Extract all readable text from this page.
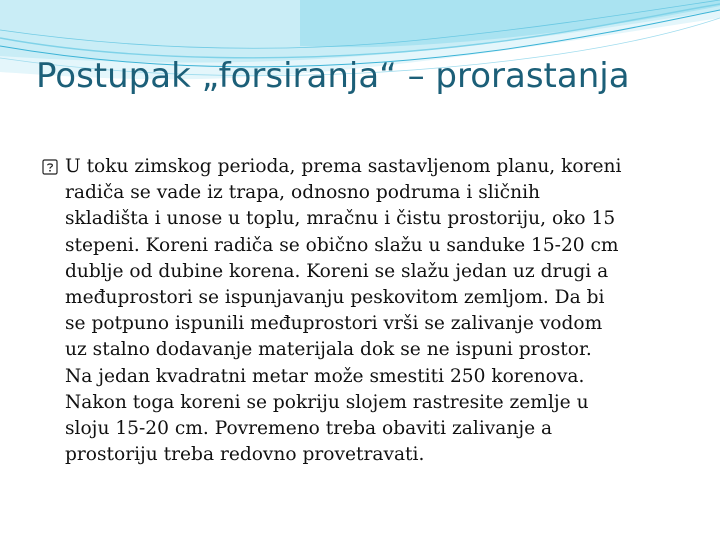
Postupak „forsiranja“ – prorastanja
U toku zimskog perioda, prema sastavljenom planu, koreni
radiča se vade iz trapa, odnosno podruma i sličnih
skladišta i unose u toplu, mračnu i čistu prostoriju, oko 15
stepeni. Koreni radiča se obično slažu u sanduke 15-20 cm
dublje od dubine korena. Koreni se slažu jedan uz drugi a
međuprostori se ispunjavanju peskovitom zemljom. Da bi
se potpuno ispunili međuprostori vrši se zalivanje vodom
uz stalno dodavanje materijala dok se ne ispuni prostor.
Na jedan kvadratni metar može smestiti 250 korenova.
Nakon toga koreni se pokriju slojem rastresite zemlje u
sloju 15-20 cm. Povremeno treba obaviti zalivanje a
prostoriju treba redovno provetravati.
